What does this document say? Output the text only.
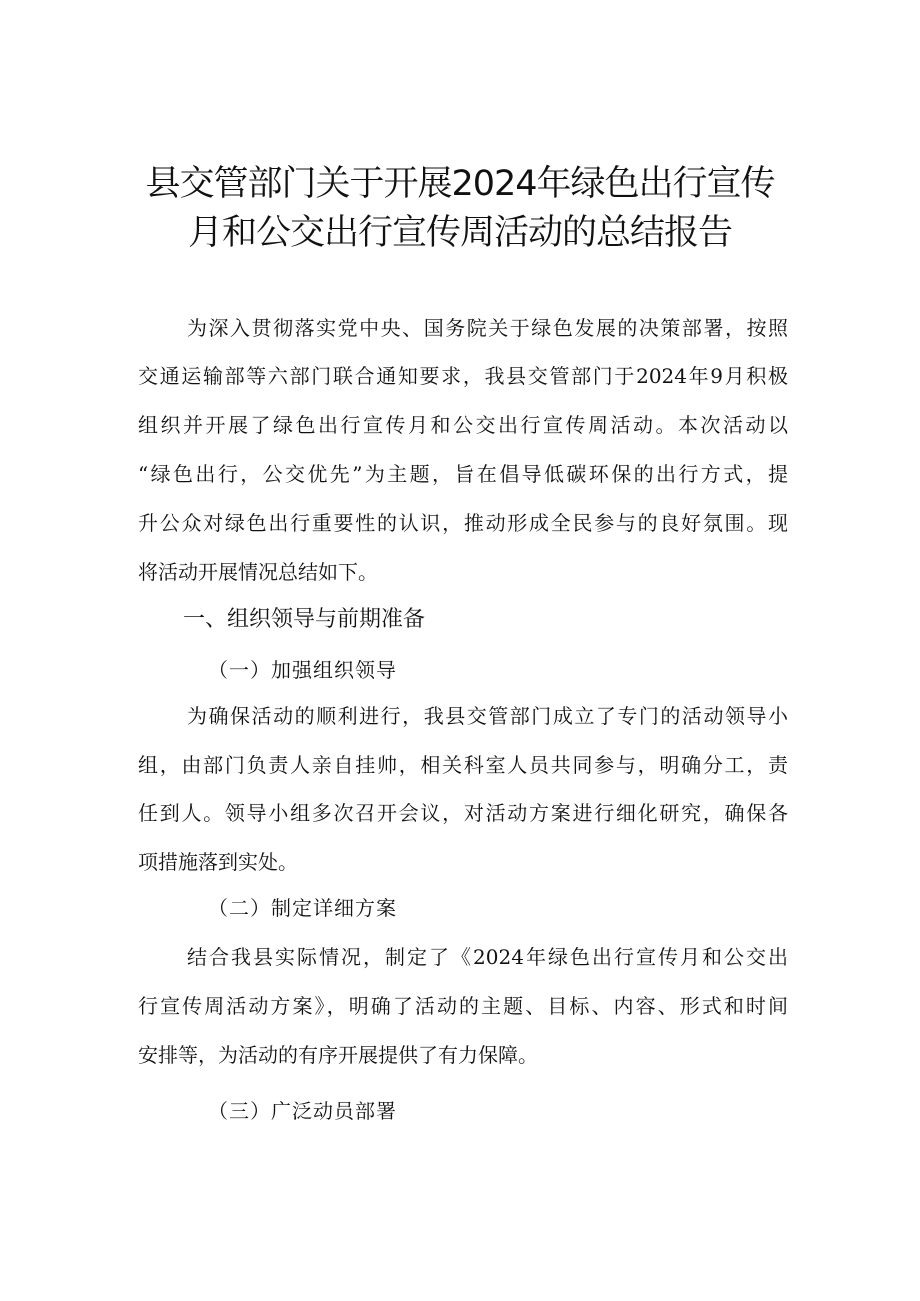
县交管部门关于开展2024年绿色出行宣传
月和公交出行宣传周活动的总结报告
为深入贯彻落实党中央、国务院关于绿色发展的决策部署，按照
交通运输部等六部门联合通知要求，我县交管部门于2024年9月积极
组织并开展了绿色出行宣传月和公交出行宣传周活动。本次活动以
“绿色出行，公交优先”为主题，旨在倡导低碳环保的出行方式，提
升公众对绿色出行重要性的认识，推动形成全民参与的良好氛围。现
将活动开展情况总结如下。
一、组织领导与前期准备
（一）加强组织领导
为确保活动的顺利进行，我县交管部门成立了专门的活动领导小
组，由部门负责人亲自挂帅，相关科室人员共同参与，明确分工，责
任到人。领导小组多次召开会议，对活动方案进行细化研究，确保各
项措施落到实处。
（二）制定详细方案
结合我县实际情况，制定了《2024年绿色出行宣传月和公交出
行宣传周活动方案》，明确了活动的主题、目标、内容、形式和时间
安排等，为活动的有序开展提供了有力保障。
（三）广泛动员部署
